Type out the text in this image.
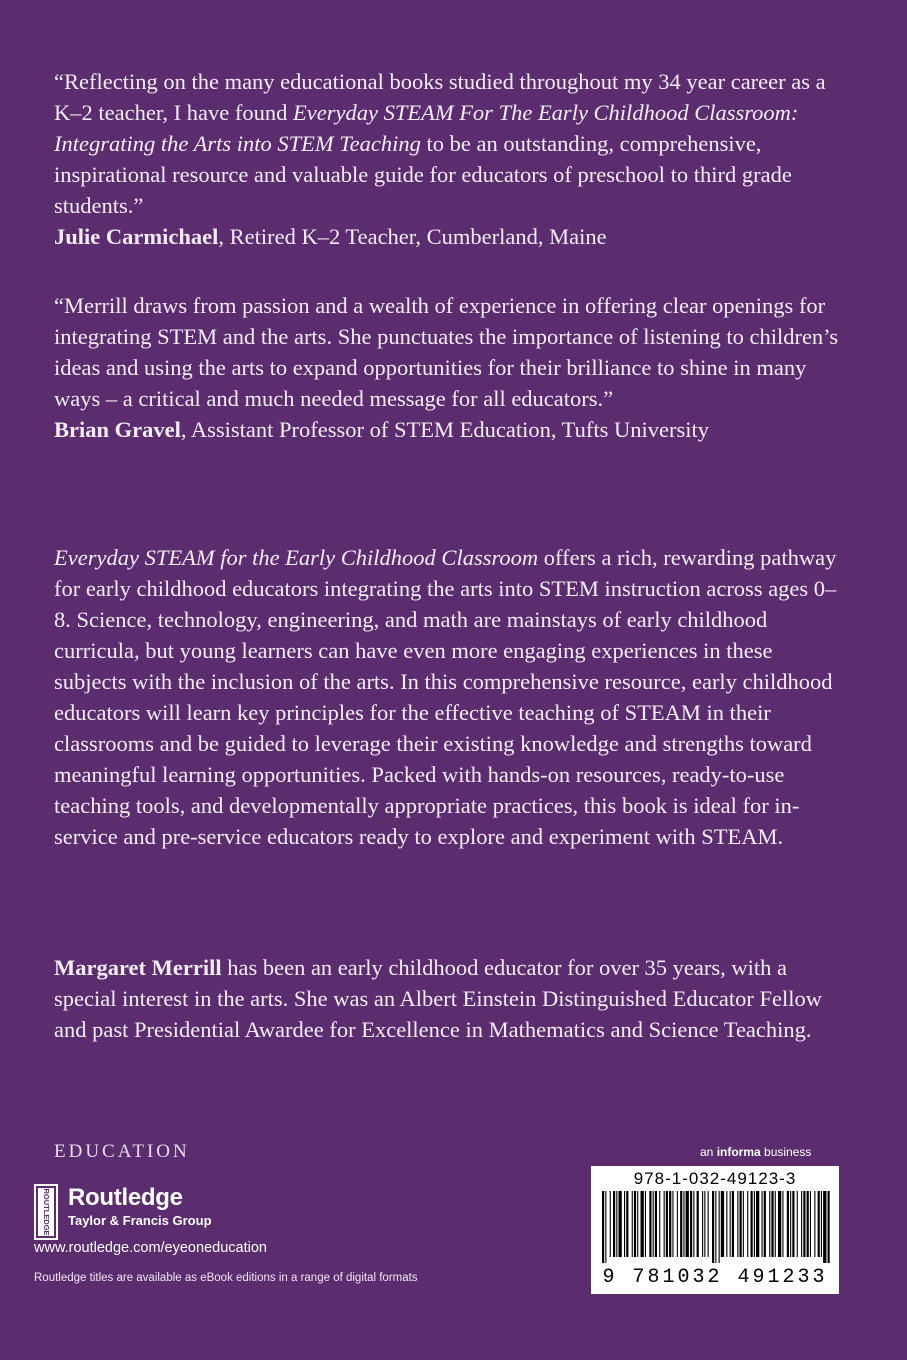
“Reflecting on the many educational books studied throughout my 34 year career as a K–2 teacher, I have found Everyday STEAM For The Early Childhood Classroom: Integrating the Arts into STEM Teaching to be an outstanding, comprehensive, inspirational resource and valuable guide for educators of preschool to third grade students.”

Julie Carmichael, Retired K–2 Teacher, Cumberland, Maine

“Merrill draws from passion and a wealth of experience in offering clear openings for integrating STEM and the arts. She punctuates the importance of listening to children’s ideas and using the arts to expand opportunities for their brilliance to shine in many ways – a critical and much needed message for all educators.”

Brian Gravel, Assistant Professor of STEM Education, Tufts University

Everyday STEAM for the Early Childhood Classroom offers a rich, rewarding pathway for early childhood educators integrating the arts into STEM instruction across ages 0–8. Science, technology, engineering, and math are mainstays of early childhood curricula, but young learners can have even more engaging experiences in these subjects with the inclusion of the arts. In this comprehensive resource, early childhood educators will learn key principles for the effective teaching of STEAM in their classrooms and be guided to leverage their existing knowledge and strengths toward meaningful learning opportunities. Packed with hands-on resources, ready-to-use teaching tools, and developmentally appropriate practices, this book is ideal for in-service and pre-service educators ready to explore and experiment with STEAM.

Margaret Merrill has been an early childhood educator for over 35 years, with a special interest in the arts. She was an Albert Einstein Distinguished Educator Fellow and past Presidential Awardee for Excellence in Mathematics and Science Teaching.

EDUCATION
ROUTLEDGE Routledge
Taylor & Francis Group
www.routledge.com/eyeoneducation
Routledge titles are available as eBook editions in a range of digital formats
an informa business
978-1-032-49123-3
9 781032 491233
